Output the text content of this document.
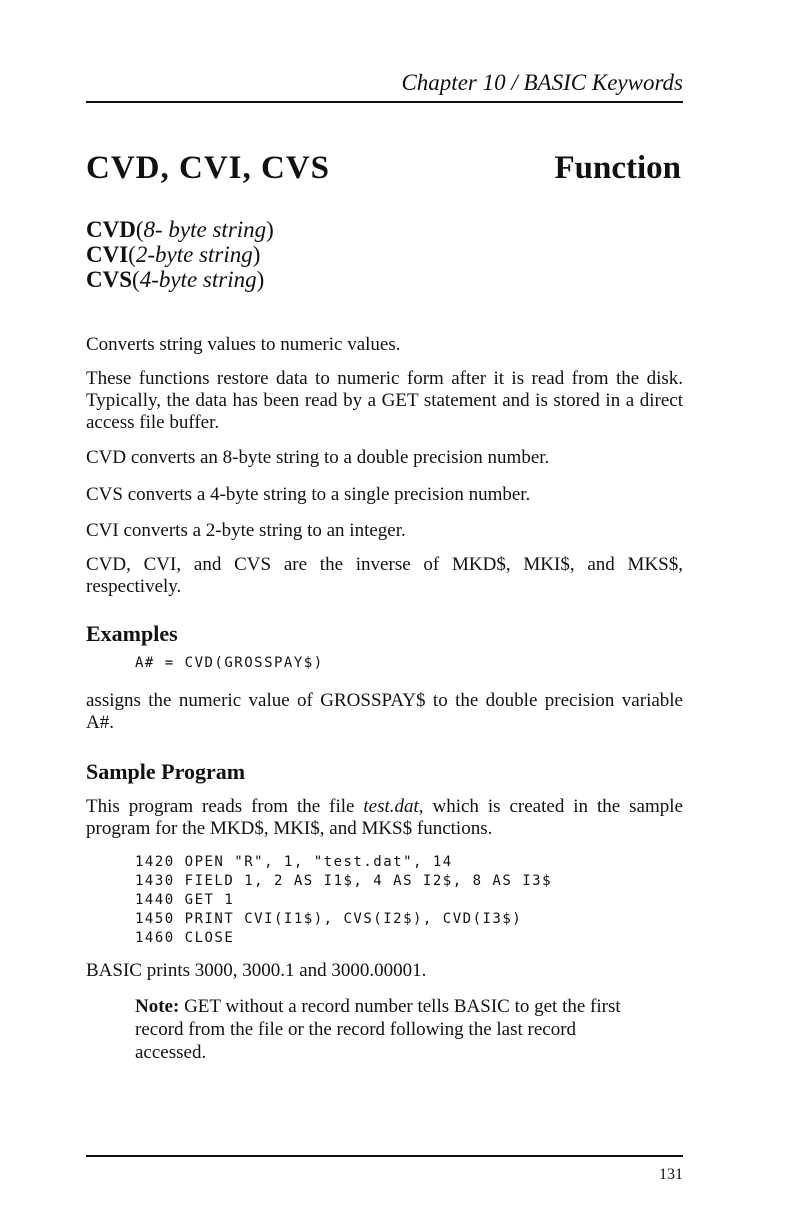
Chapter 10 / BASIC Keywords
CVD, CVI, CVS	Function
CVD(8- byte string)
CVI(2-byte string)
CVS(4-byte string)
Converts string values to numeric values.
These functions restore data to numeric form after it is read from the disk. Typically, the data has been read by a GET statement and is stored in a direct access file buffer.
CVD converts an 8-byte string to a double precision number.
CVS converts a 4-byte string to a single precision number.
CVI converts a 2-byte string to an integer.
CVD, CVI, and CVS are the inverse of MKD$, MKI$, and MKS$, respectively.
Examples
A# = CVD(GROSSPAY$)
assigns the numeric value of GROSSPAY$ to the double precision variable A#.
Sample Program
This program reads from the file test.dat, which is created in the sample program for the MKD$, MKI$, and MKS$ functions.
1420 OPEN "R", 1, "test.dat", 14
1430 FIELD 1, 2 AS I1$, 4 AS I2$, 8 AS I3$
1440 GET 1
1450 PRINT CVI(I1$), CVS(I2$), CVD(I3$)
1460 CLOSE
BASIC prints 3000, 3000.1 and 3000.00001.
Note: GET without a record number tells BASIC to get the first record from the file or the record following the last record accessed.
131
